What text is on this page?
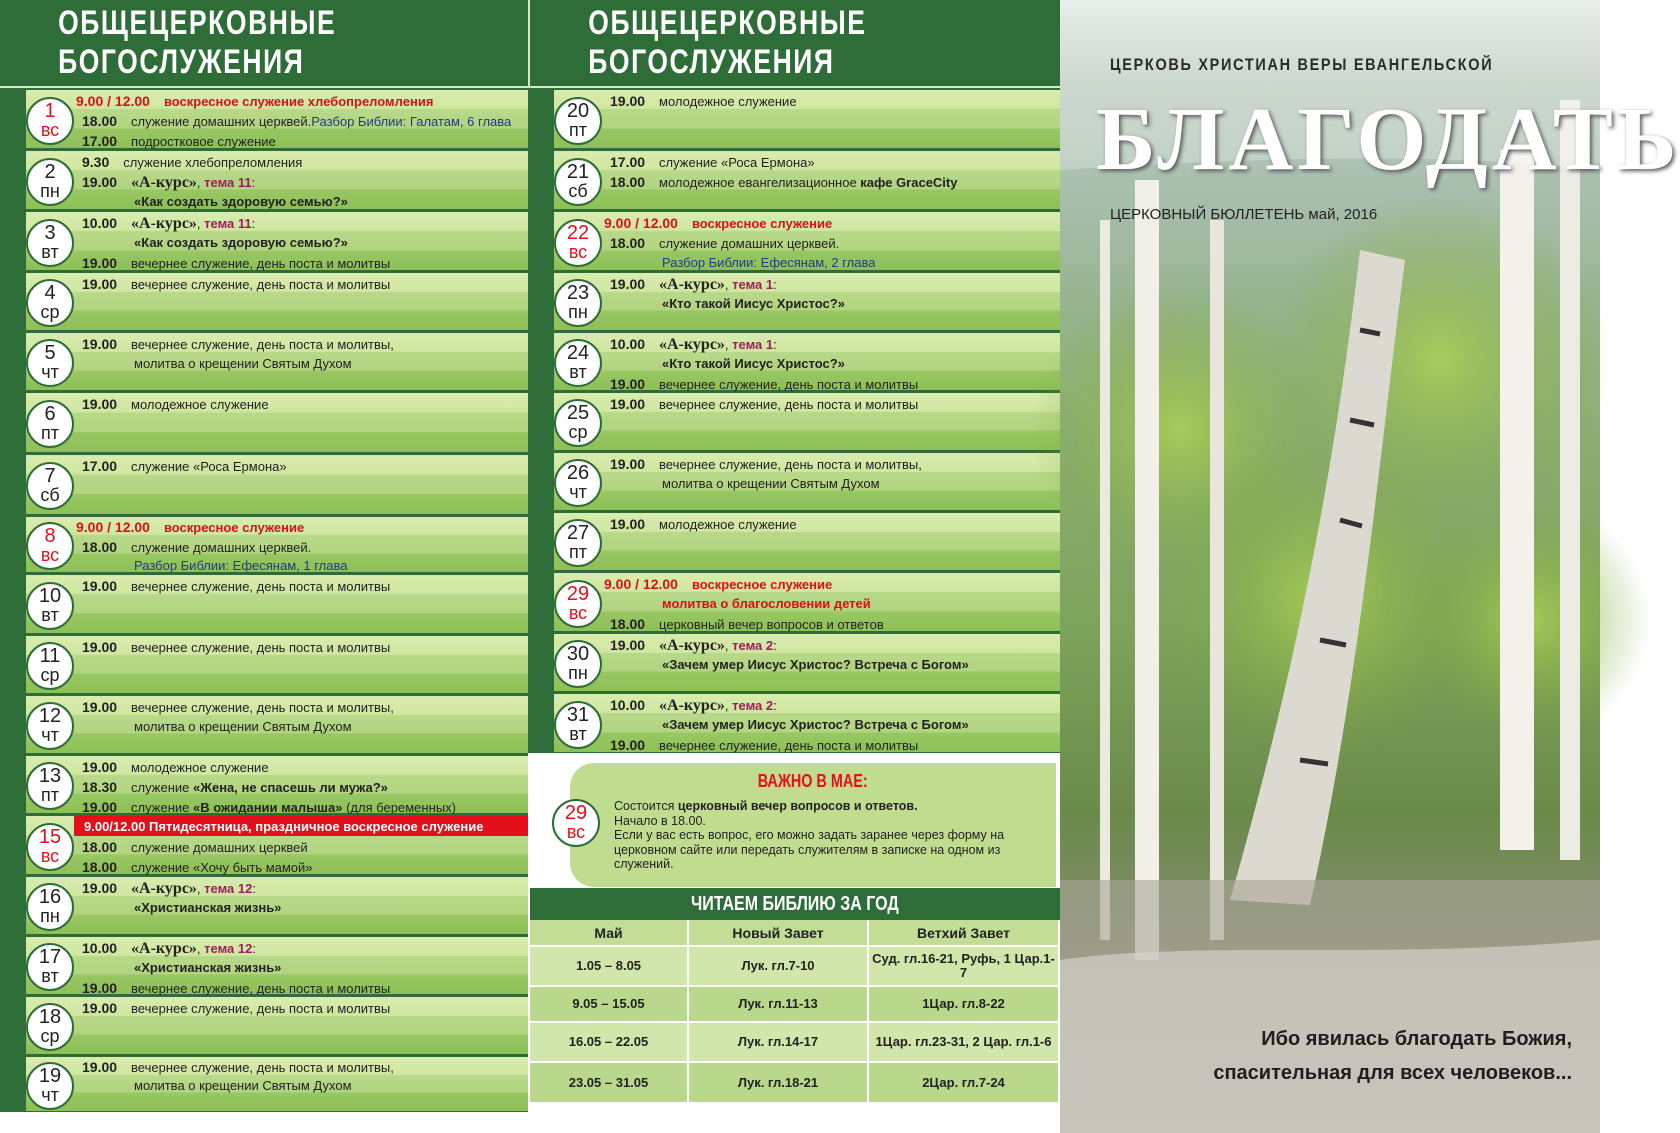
ОБЩЕЦЕРКОВНЫЕ БОГОСЛУЖЕНИЯ
ОБЩЕЦЕРКОВНЫЕ БОГОСЛУЖЕНИЯ
1
вс
9.00 / 12.00 воскресное служение хлебопреломления
18.00 служение домашних церквей.Разбор Библии: Галатам, 6 глава
17.00 подростковое служение
2
пн
9.30 служение хлебопреломления
19.00 «А-курс», тема 11:
«Как создать здоровую семью?»
3
вт
10.00 «А-курс», тема 11:
«Как создать здоровую семью?»
19.00 вечернее служение, день поста и молитвы
4
ср
19.00 вечернее служение, день поста и молитвы
5
чт
19.00 вечернее служение, день поста и молитвы,
молитва о крещении Святым Духом
6
пт
19.00 молодежное служение
7
сб
17.00 служение «Роса Ермона»
8
вс
9.00 / 12.00 воскресное служение
18.00 служение домашних церквей.
Разбор Библии: Ефесянам, 1 глава
10
вт
19.00 вечернее служение, день поста и молитвы
11
ср
19.00 вечернее служение, день поста и молитвы
12
чт
19.00 вечернее служение, день поста и молитвы,
молитва о крещении Святым Духом
13
пт
19.00 молодежное служение
18.30 служение «Жена, не спасешь ли мужа?»
19.00 служение «В ожидании малыша» (для беременных)
15
вс
9.00/12.00 Пятидесятница, праздничное воскресное служение
18.00 служение домашних церквей
18.00 служение «Хочу быть мамой»
16
пн
19.00 «А-курс», тема 12:
«Христианская жизнь»
17
вт
10.00 «А-курс», тема 12:
«Христианская жизнь»
19.00 вечернее служение, день поста и молитвы
18
ср
19.00 вечернее служение, день поста и молитвы
19
чт
19.00 вечернее служение, день поста и молитвы,
молитва о крещении Святым Духом
20
пт
19.00 молодежное служение
21
сб
17.00 служение «Роса Ермона»
18.00 молодежное евангелизационное кафе GraceCity
22
вс
9.00 / 12.00 воскресное служение
18.00 служение домашних церквей.
Разбор Библии: Ефесянам, 2 глава
23
пн
19.00 «А-курс», тема 1:
«Кто такой Иисус Христос?»
24
вт
10.00 «А-курс», тема 1:
«Кто такой Иисус Христос?»
19.00 вечернее служение, день поста и молитвы
25
ср
19.00 вечернее служение, день поста и молитвы
26
чт
19.00 вечернее служение, день поста и молитвы,
молитва о крещении Святым Духом
27
пт
19.00 молодежное служение
29
вс
9.00 / 12.00 воскресное служение
молитва о благословении детей
18.00 церковный вечер вопросов и ответов
30
пн
19.00 «А-курс», тема 2:
«Зачем умер Иисус Христос? Встреча с Богом»
31
вт
10.00 «А-курс», тема 2:
«Зачем умер Иисус Христос? Встреча с Богом»
19.00 вечернее служение, день поста и молитвы
ВАЖНО В МАЕ:
29
вс
Состоится церковный вечер вопросов и ответов.
Начало в 18.00.
Если у вас есть вопрос, его можно задать заранее через форму на церковном сайте или передать служителям в записке на одном из служений.
ЧИТАЕМ БИБЛИЮ ЗА ГОД
Май	Новый Завет	Ветхий Завет
1.05 – 8.05	Лук. гл.7-10	Суд. гл.16-21, Руфь, 1 Цар.1-7
9.05 – 15.05	Лук. гл.11-13	1Цар. гл.8-22
16.05 – 22.05	Лук. гл.14-17	1Цар. гл.23-31, 2 Цар. гл.1-6
23.05 – 31.05	Лук. гл.18-21	2Цар. гл.7-24
ЦЕРКОВЬ ХРИСТИАН ВЕРЫ ЕВАНГЕЛЬСКОЙ
БЛАГОДАТЬ
ЦЕРКОВНЫЙ БЮЛЛЕТЕНЬ май, 2016
Ибо явилась благодать Божия,
спасительная для всех человеков...
